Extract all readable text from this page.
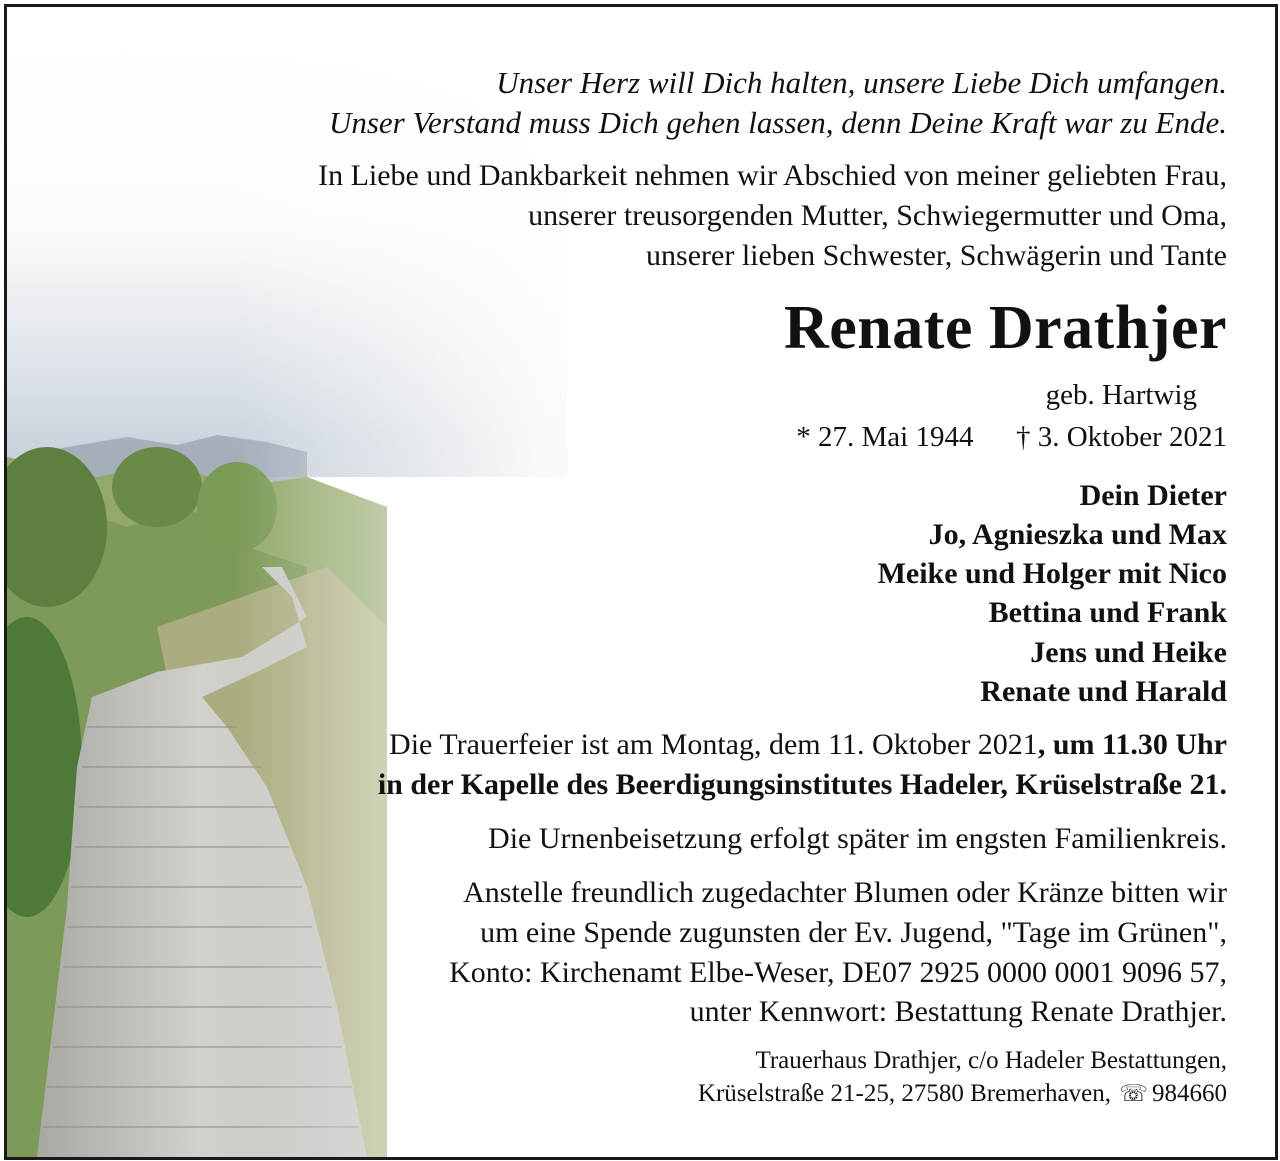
Unser Herz will Dich halten, unsere Liebe Dich umfangen.
Unser Verstand muss Dich gehen lassen, denn Deine Kraft war zu Ende.
In Liebe und Dankbarkeit nehmen wir Abschied von meiner geliebten Frau,
unserer treusorgenden Mutter, Schwiegermutter und Oma,
unserer lieben Schwester, Schwägerin und Tante
Renate Drathjer
geb. Hartwig
* 27. Mai 1944 † 3. Oktober 2021
Dein Dieter
Jo, Agnieszka und Max
Meike und Holger mit Nico
Bettina und Frank
Jens und Heike
Renate und Harald
Die Trauerfeier ist am Montag, dem 11. Oktober 2021, um 11.30 Uhr
in der Kapelle des Beerdigungsinstitutes Hadeler, Krüselstraße 21.
Die Urnenbeisetzung erfolgt später im engsten Familienkreis.
Anstelle freundlich zugedachter Blumen oder Kränze bitten wir
um eine Spende zugunsten der Ev. Jugend, "Tage im Grünen",
Konto: Kirchenamt Elbe-Weser, DE07 2925 0000 0001 9096 57,
unter Kennwort: Bestattung Renate Drathjer.
Trauerhaus Drathjer, c/o Hadeler Bestattungen,
Krüselstraße 21-25, 27580 Bremerhaven, ☏ 984660
